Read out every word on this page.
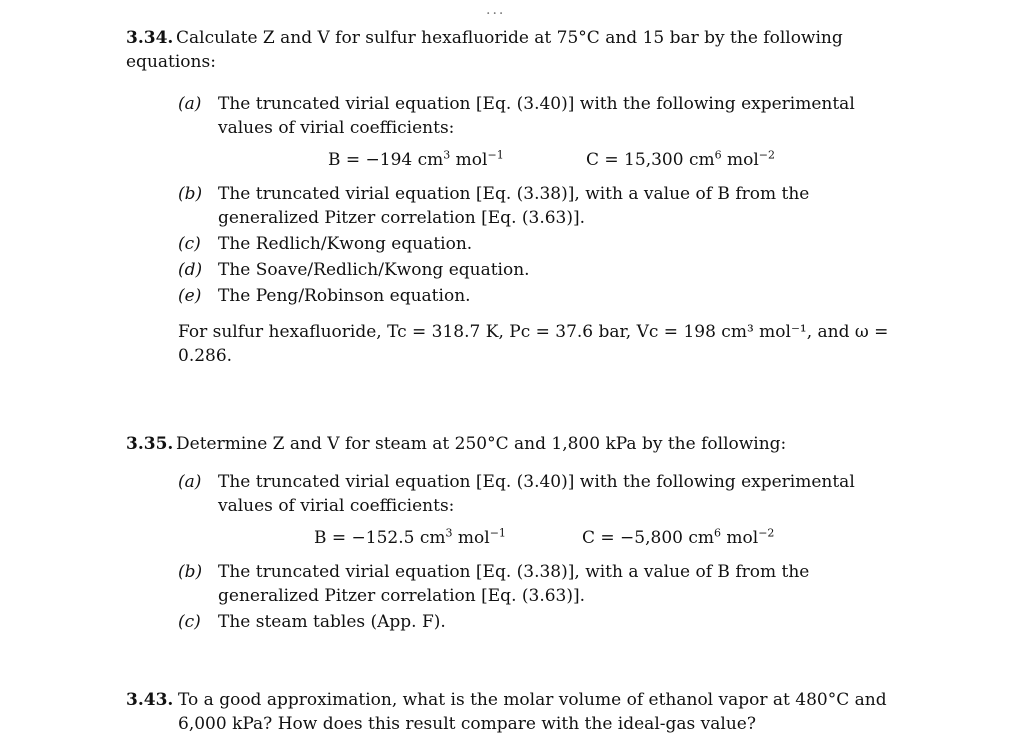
...
3.34. Calculate Z and V for sulfur hexafluoride at 75°C and 15 bar by the following equations:
(a) The truncated virial equation [Eq. (3.40)] with the following experimental values of virial coefficients:
B = −194 $cm^3$ mol$^{-1}$	C = 15,300 $cm^6$ mol$^{-2}$
(b) The truncated virial equation [Eq. (3.38)], with a value of B from the generalized Pitzer correlation [Eq. (3.63)].
(c) The Redlich/Kwong equation.
(d) The Soave/Redlich/Kwong equation.
(e) The Peng/Robinson equation.
For sulfur hexafluoride, Tc = 318.7 K, Pc = 37.6 bar, Vc = 198 cm³ mol⁻¹, and ω = 0.286.
3.35. Determine Z and V for steam at 250°C and 1,800 kPa by the following:
(a) The truncated virial equation [Eq. (3.40)] with the following experimental values of virial coefficients:
B = −152.5 $cm^3$ mol$^{-1}$	C = −5,800 $cm^6$ mol$^{-2}$
(b) The truncated virial equation [Eq. (3.38)], with a value of B from the generalized Pitzer correlation [Eq. (3.63)].
(c) The steam tables (App. F).
3.43. To a good approximation, what is the molar volume of ethanol vapor at 480°C and 6,000 kPa? How does this result compare with the ideal-gas value?
